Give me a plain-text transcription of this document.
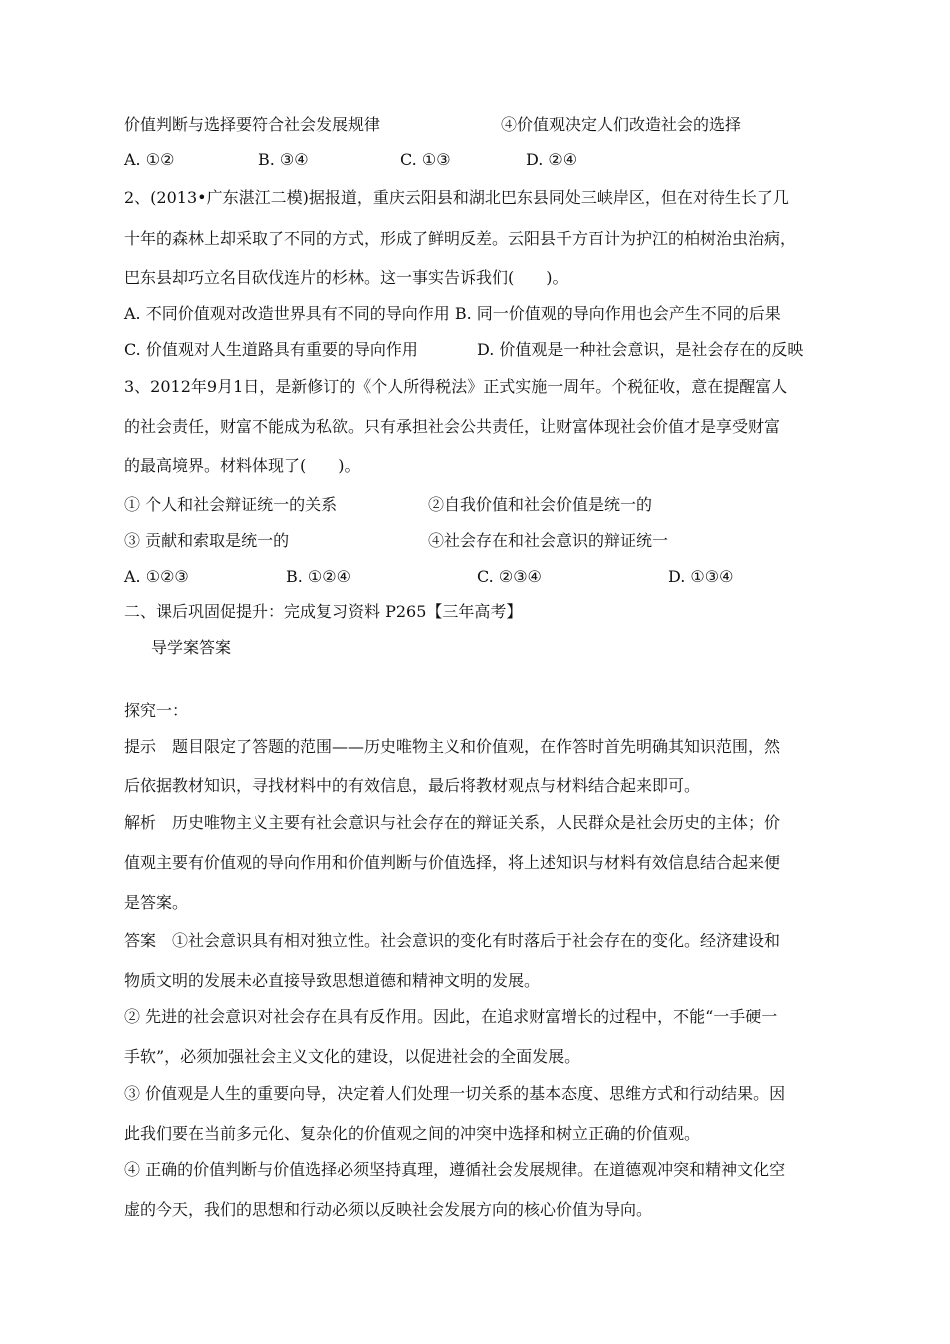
价值判断与选择要符合社会发展规律	④价值观决定人们改造社会的选择
A. ①②	B. ③④	C. ①③	D. ②④
2、(2013•广东湛江二模)据报道，重庆云阳县和湖北巴东县同处三峡岸区，但在对待生长了几
十年的森林上却采取了不同的方式，形成了鲜明反差。云阳县千方百计为护江的柏树治虫治病，
巴东县却巧立名目砍伐连片的杉林。这一事实告诉我们(　　)。
A. 不同价值观对改造世界具有不同的导向作用 B. 同一价值观的导向作用也会产生不同的后果
C. 价值观对人生道路具有重要的导向作用	D. 价值观是一种社会意识，是社会存在的反映
3、2012年9月1日，是新修订的《个人所得税法》正式实施一周年。个税征收，意在提醒富人
的社会责任，财富不能成为私欲。只有承担社会公共责任，让财富体现社会价值才是享受财富
的最高境界。材料体现了(　　)。
① 个人和社会辩证统一的关系	②自我价值和社会价值是统一的
③ 贡献和索取是统一的	④社会存在和社会意识的辩证统一
A. ①②③	B. ①②④	C. ②③④	D. ①③④
二、课后巩固促提升：完成复习资料 P265【三年高考】
导学案答案
探究一：
提示　题目限定了答题的范围——历史唯物主义和价值观，在作答时首先明确其知识范围，然
后依据教材知识，寻找材料中的有效信息，最后将教材观点与材料结合起来即可。
解析　历史唯物主义主要有社会意识与社会存在的辩证关系，人民群众是社会历史的主体；价
值观主要有价值观的导向作用和价值判断与价值选择，将上述知识与材料有效信息结合起来便
是答案。
答案　①社会意识具有相对独立性。社会意识的变化有时落后于社会存在的变化。经济建设和
物质文明的发展未必直接导致思想道德和精神文明的发展。
② 先进的社会意识对社会存在具有反作用。因此，在追求财富增长的过程中，不能“一手硬一
手软”，必须加强社会主义文化的建设，以促进社会的全面发展。
③ 价值观是人生的重要向导，决定着人们处理一切关系的基本态度、思维方式和行动结果。因
此我们要在当前多元化、复杂化的价值观之间的冲突中选择和树立正确的价值观。
④ 正确的价值判断与价值选择必须坚持真理，遵循社会发展规律。在道德观冲突和精神文化空
虚的今天，我们的思想和行动必须以反映社会发展方向的核心价值为导向。
